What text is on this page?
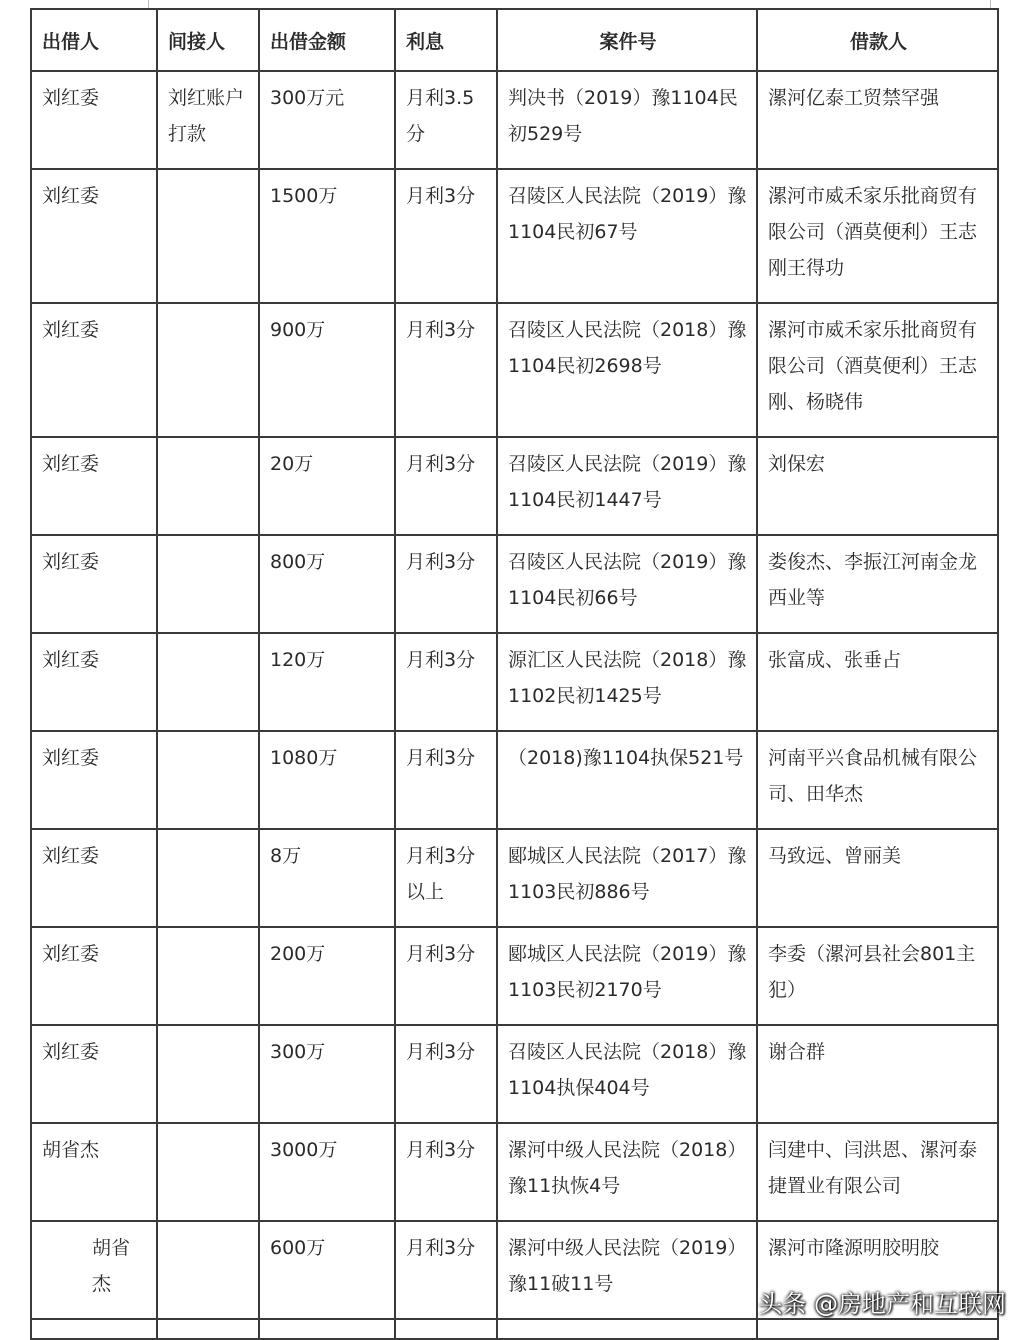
出借人	间接人	出借金额	利息	案件号	借款人
刘红委	刘红账户打款	300万元	月利3.5分	判决书（2019）豫1104民初529号	漯河亿泰工贸禁罕强
刘红委		1500万	月利3分	召陵区人民法院（2019）豫1104民初67号	漯河市威禾家乐批商贸有限公司（酒莫便利）王志刚王得功
刘红委		900万	月利3分	召陵区人民法院（2018）豫1104民初2698号	漯河市威禾家乐批商贸有限公司（酒莫便利）王志刚、杨晓伟
刘红委		20万	月利3分	召陵区人民法院（2019）豫1104民初1447号	刘保宏
刘红委		800万	月利3分	召陵区人民法院（2019）豫1104民初66号	娄俊杰、李振江河南金龙西业等
刘红委		120万	月利3分	源汇区人民法院（2018）豫1102民初1425号	张富成、张垂占
刘红委		1080万	月利3分	（2018)豫1104执保521号	河南平兴食品机械有限公司、田华杰
刘红委		8万	月利3分以上	郾城区人民法院（2017）豫1103民初886号	马致远、曾丽美
刘红委		200万	月利3分	郾城区人民法院（2019）豫1103民初2170号	李委（漯河县社会801主犯）
刘红委		300万	月利3分	召陵区人民法院（2018）豫1104执保404号	谢合群
胡省杰		3000万	月利3分	漯河中级人民法院（2018）豫11执恢4号	闫建中、闫洪恩、漯河泰捷置业有限公司
胡省杰		600万	月利3分	漯河中级人民法院（2019）豫11破11号	漯河市隆源明胶明胶

头条 @房地产和互联网
